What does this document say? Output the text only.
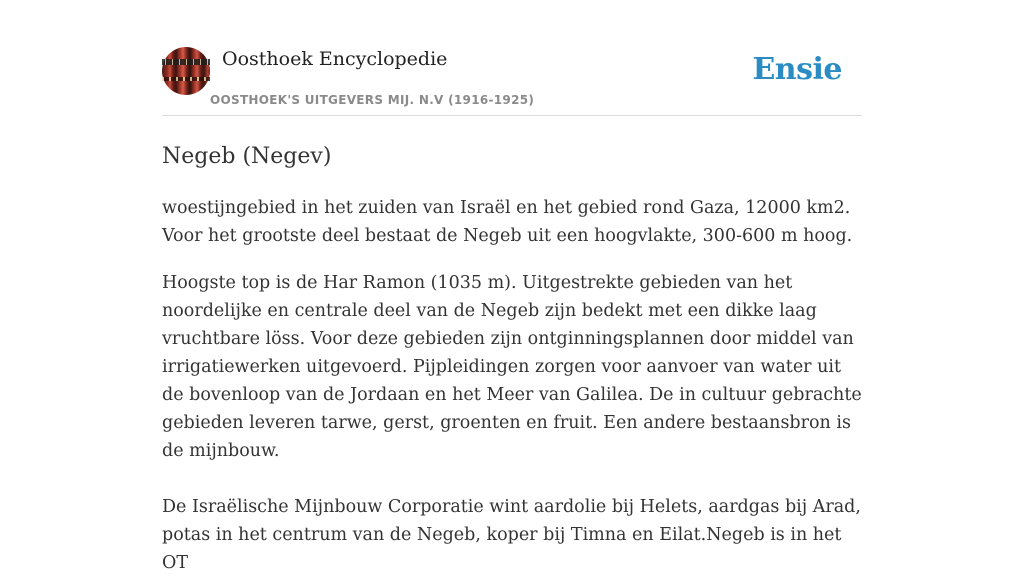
Oosthoek Encyclopedie
OOSTHOEK'S UITGEVERS MIJ. N.V (1916-1925)
Ensie
Negeb (Negev)

woestijngebied in het zuiden van Israël en het gebied rond Gaza, 12000 km2. Voor het grootste deel bestaat de Negeb uit een hoogvlakte, 300-600 m hoog.

Hoogste top is de Har Ramon (1035 m). Uitgestrekte gebieden van het noordelijke en centrale deel van de Negeb zijn bedekt met een dikke laag vruchtbare löss. Voor deze gebieden zijn ontginningsplannen door middel van irrigatiewerken uitgevoerd. Pijpleidingen zorgen voor aanvoer van water uit de bovenloop van de Jordaan en het Meer van Galilea. De in cultuur gebrachte gebieden leveren tarwe, gerst, groenten en fruit. Een andere bestaansbron is de mijnbouw.

De Israëlische Mijnbouw Corporatie wint aardolie bij Helets, aardgas bij Arad, potas in het centrum van de Negeb, koper bij Timna en Eilat.Negeb is in het OT
